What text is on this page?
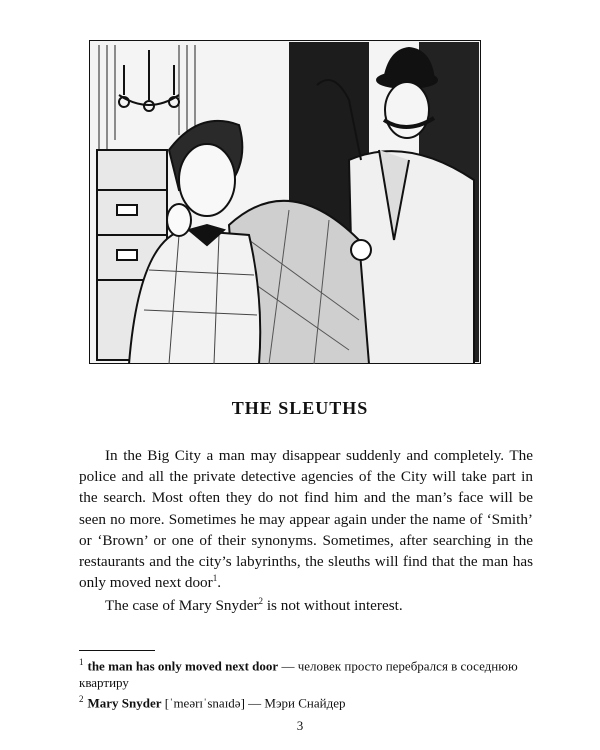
THE SLEUTHS

In the Big City a man may disappear suddenly and completely. The police and all the private detective agencies of the City will take part in the search. Most often they do not find him and the man’s face will be seen no more. Sometimes he may appear again under the name of ‘Smith’ or ‘Brown’ or one of their synonyms. Sometimes, after searching in the restaurants and the city’s labyrinths, the sleuths will find that the man has only moved next door$^1$.

The case of Mary Snyder$^2$ is not without interest.

$^1$ the man has only moved next door — человек просто перебрался в соседнюю квартиру

$^2$ Mary Snyder [ˈmeərɪˈsnaɪdə] — Мэри Снайдер

3
